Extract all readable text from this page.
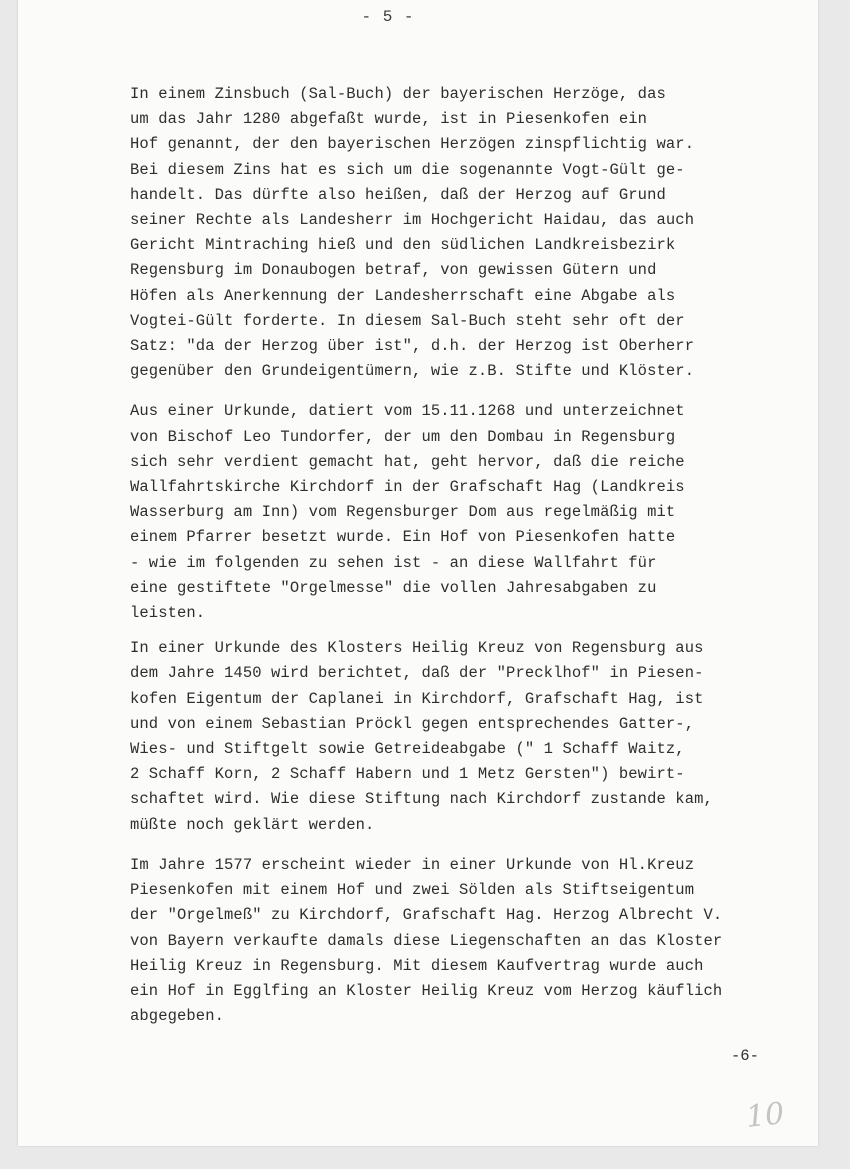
- 5 -
In einem Zinsbuch (Sal-Buch) der bayerischen Herzöge, das
um das Jahr 1280 abgefaßt wurde, ist in Piesenkofen ein
Hof genannt, der den bayerischen Herzögen zinspflichtig war.
Bei diesem Zins hat es sich um die sogenannte Vogt-Gült ge-
handelt. Das dürfte also heißen, daß der Herzog auf Grund
seiner Rechte als Landesherr im Hochgericht Haidau, das auch
Gericht Mintraching hieß und den südlichen Landkreisbezirk
Regensburg im Donaubogen betraf, von gewissen Gütern und
Höfen als Anerkennung der Landesherrschaft eine Abgabe als
Vogtei-Gült forderte. In diesem Sal-Buch steht sehr oft der
Satz: "da der Herzog über ist", d.h. der Herzog ist Oberherr
gegenüber den Grundeigentümern, wie z.B. Stifte und Klöster.
Aus einer Urkunde, datiert vom 15.11.1268 und unterzeichnet
von Bischof Leo Tundorfer, der um den Dombau in Regensburg
sich sehr verdient gemacht hat, geht hervor, daß die reiche
Wallfahrtskirche Kirchdorf in der Grafschaft Hag (Landkreis
Wasserburg am Inn) vom Regensburger Dom aus regelmäßig mit
einem Pfarrer besetzt wurde. Ein Hof von Piesenkofen hatte
- wie im folgenden zu sehen ist - an diese Wallfahrt für
eine gestiftete "Orgelmesse" die vollen Jahresabgaben zu
leisten.
In einer Urkunde des Klosters Heilig Kreuz von Regensburg aus
dem Jahre 1450 wird berichtet, daß der "Precklhof" in Piesen-
kofen Eigentum der Caplanei in Kirchdorf, Grafschaft Hag, ist
und von einem Sebastian Pröckl gegen entsprechendes Gatter-,
Wies- und Stiftgelt sowie Getreideabgabe (" 1 Schaff Waitz,
2 Schaff Korn, 2 Schaff Habern und 1 Metz Gersten") bewirt-
schaftet wird. Wie diese Stiftung nach Kirchdorf zustande kam,
müßte noch geklärt werden.
Im Jahre 1577 erscheint wieder in einer Urkunde von Hl.Kreuz
Piesenkofen mit einem Hof und zwei Sölden als Stiftseigentum
der "Orgelmeß" zu Kirchdorf, Grafschaft Hag. Herzog Albrecht V.
von Bayern verkaufte damals diese Liegenschaften an das Kloster
Heilig Kreuz in Regensburg. Mit diesem Kaufvertrag wurde auch
ein Hof in Egglfing an Kloster Heilig Kreuz vom Herzog käuflich
abgegeben.
-6-
10
